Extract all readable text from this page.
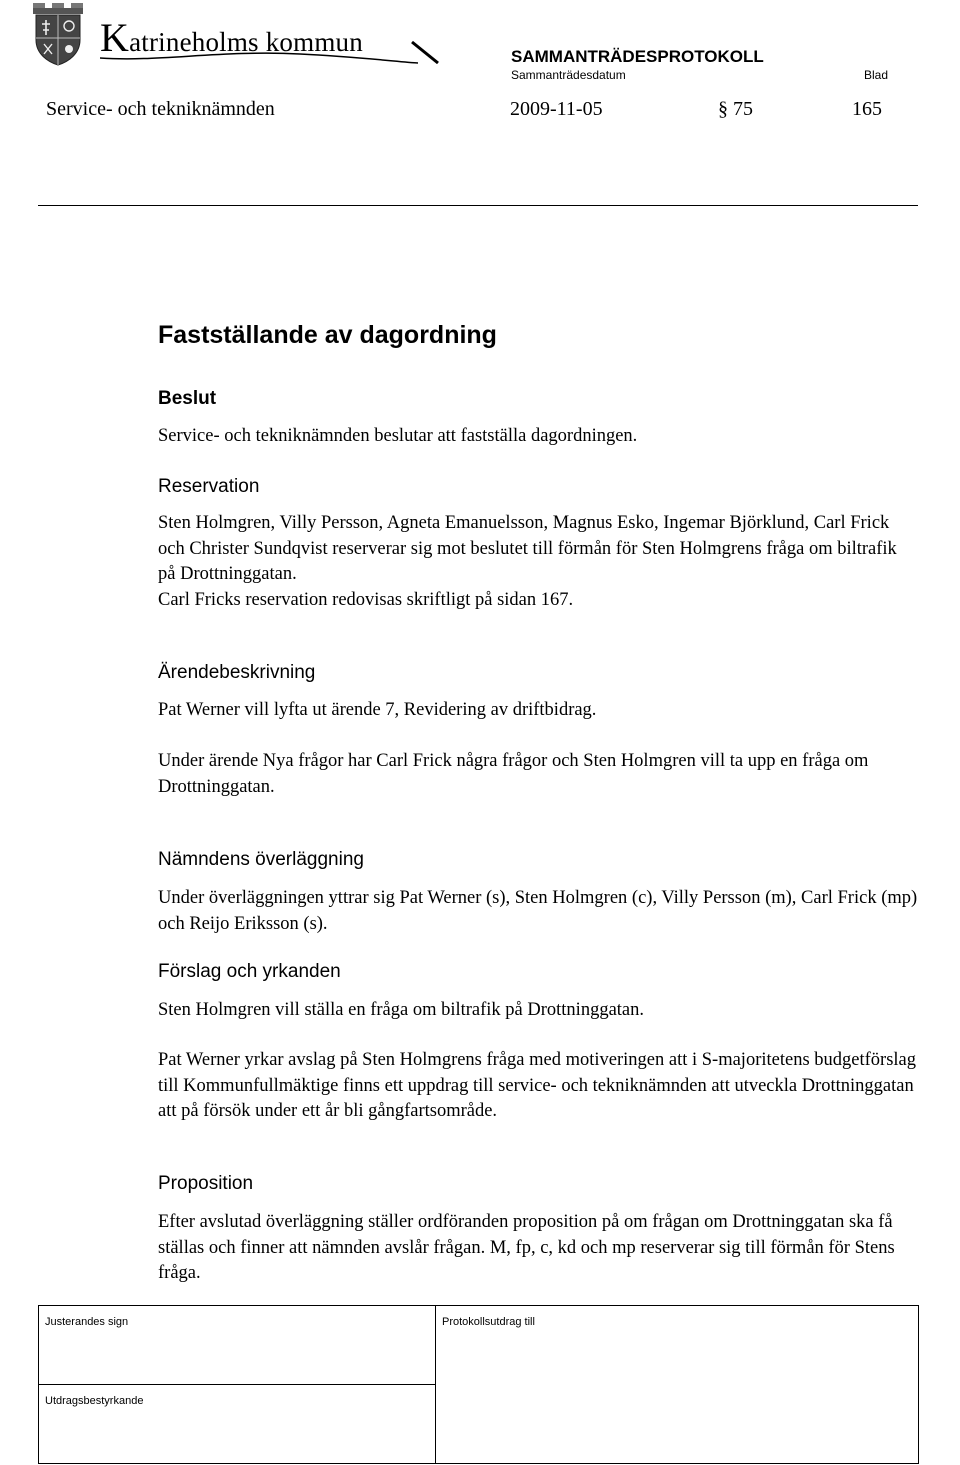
Katrineholms kommun	SAMMANTRÄDESPROTOKOLL
Sammanträdesdatum	Blad
Service- och tekniknämnden	2009-11-05	§ 75	165
Fastställande av dagordning
Beslut

Service- och tekniknämnden beslutar att fastställa dagordningen.

Reservation

Sten Holmgren, Villy Persson, Agneta Emanuelsson, Magnus Esko, Ingemar Björklund, Carl Frick och Christer Sundqvist reserverar sig mot beslutet till förmån för Sten Holmgrens fråga om biltrafik på Drottninggatan.

Carl Fricks reservation redovisas skriftligt på sidan 167.

Ärendebeskrivning

Pat Werner vill lyfta ut ärende 7, Revidering av driftbidrag.

Under ärende Nya frågor har Carl Frick några frågor och Sten Holmgren vill ta upp en fråga om Drottninggatan.

Nämndens överläggning

Under överläggningen yttrar sig Pat Werner (s), Sten Holmgren (c), Villy Persson (m), Carl Frick (mp) och Reijo Eriksson (s).

Förslag och yrkanden

Sten Holmgren vill ställa en fråga om biltrafik på Drottninggatan.

Pat Werner yrkar avslag på Sten Holmgrens fråga med motiveringen att i S-majoritetens budgetförslag till Kommunfullmäktige finns ett uppdrag till service- och tekniknämnden att utveckla Drottninggatan att på försök under ett år bli gångfartsområde.

Proposition

Efter avslutad överläggning ställer ordföranden proposition på om frågan om Drottninggatan ska få ställas och finner att nämnden avslår frågan. M, fp, c, kd och mp reserverar sig till förmån för Stens fråga.

Justerandes sign	Protokollsutdrag till
Utdragsbestyrkande
